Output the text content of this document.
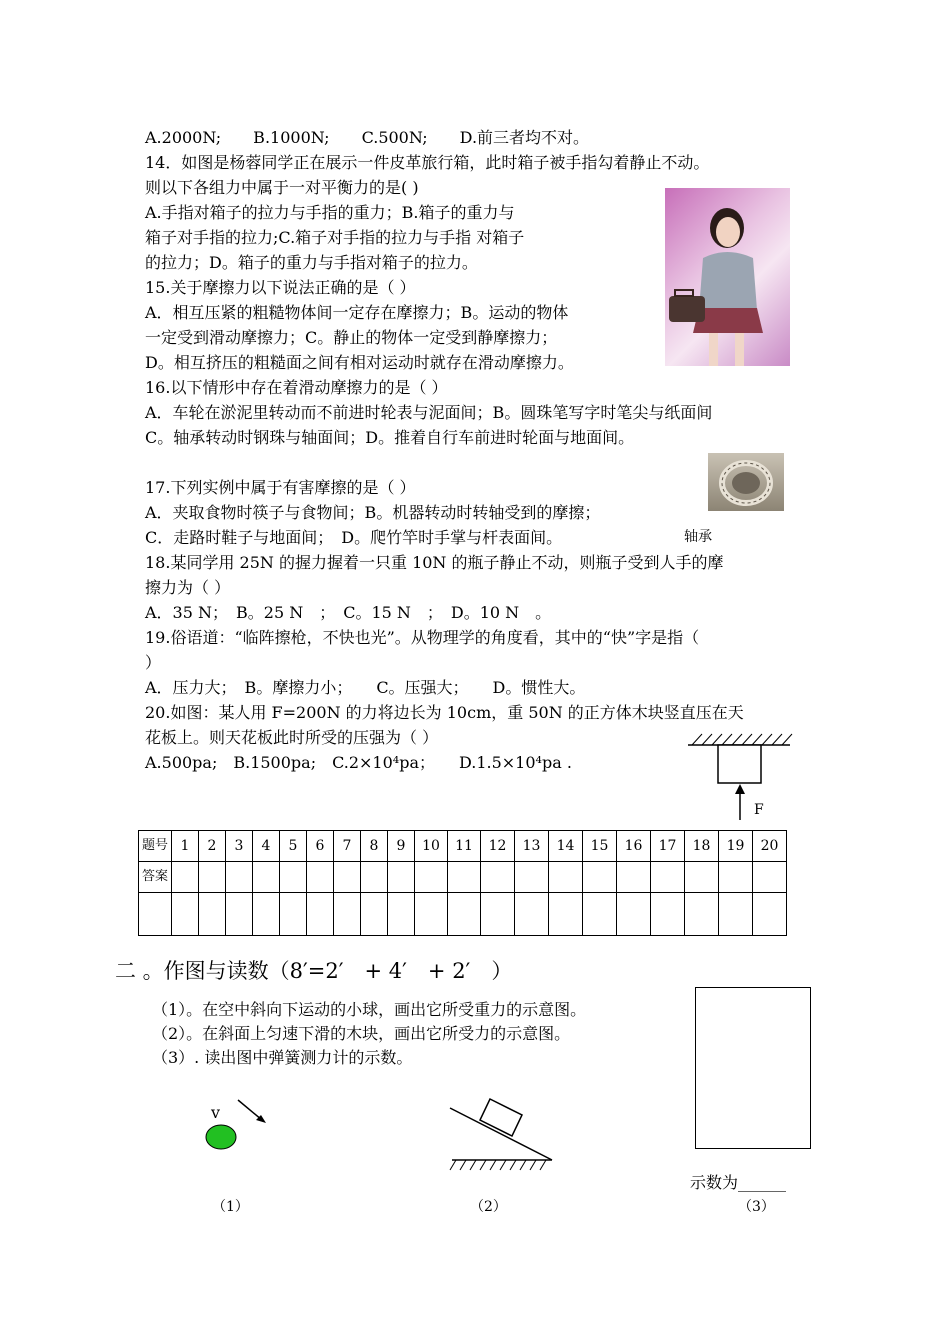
A.2000N;　　B.1000N;　　C.500N;　　D.前三者均不对。
14．如图是杨蓉同学正在展示一件皮革旅行箱，此时箱子被手指勾着静止不动。
则以下各组力中属于一对平衡力的是( )
A.手指对箱子的拉力与手指的重力；B.箱子的重力与
箱子对手指的拉力;C.箱子对手指的拉力与手指 对箱子
的拉力；D。箱子的重力与手指对箱子的拉力。
15.关于摩擦力以下说法正确的是（ ）
A．相互压紧的粗糙物体间一定存在摩擦力；B。运动的物体
一定受到滑动摩擦力；C。静止的物体一定受到静摩擦力；
D。相互挤压的粗糙面之间有相对运动时就存在滑动摩擦力。
16.以下情形中存在着滑动摩擦力的是（ ）
A．车轮在淤泥里转动而不前进时轮表与泥面间；B。圆珠笔写字时笔尖与纸面间
C。轴承转动时钢珠与轴面间；D。推着自行车前进时轮面与地面间。
17.下列实例中属于有害摩擦的是（ ）
A．夹取食物时筷子与食物间；B。机器转动时转轴受到的摩擦；
C．走路时鞋子与地面间；　D。爬竹竿时手掌与杆表面间。
18.某同学用 25N 的握力握着一只重 10N 的瓶子静止不动，则瓶子受到人手的摩
擦力为（ ）
A．35 N；　B。25 N　；　C。15 N　；　D。10 N　。
19.俗语道：“临阵擦枪，不快也光”。从物理学的角度看，其中的“快”字是指（
）
A．压力大；　B。摩擦力小；　　C。压强大；　　D。惯性大。
20.如图：某人用 F=200N 的力将边长为 10cm，重 50N 的正方体木块竖直压在天
花板上。则天花板此时所受的压强为（ ）
A.500pa;　B.1500pa;　C.2×10⁴pa；　　D.1.5×10⁴pa .
轴承
F
题号	1	2	3	4	5	6	7	8	9	10	11	12	13	14	15	16	17	18	19	20
答案																				

二 。作图与读数（8′=2′　+ 4′　+ 2′　）
（1）。在空中斜向下运动的小球，画出它所受重力的示意图。
（2）。在斜面上匀速下滑的木块，画出它所受力的示意图。
（3）. 读出图中弹簧测力计的示数。
v
示数为______
（1）	（2）	（3）
